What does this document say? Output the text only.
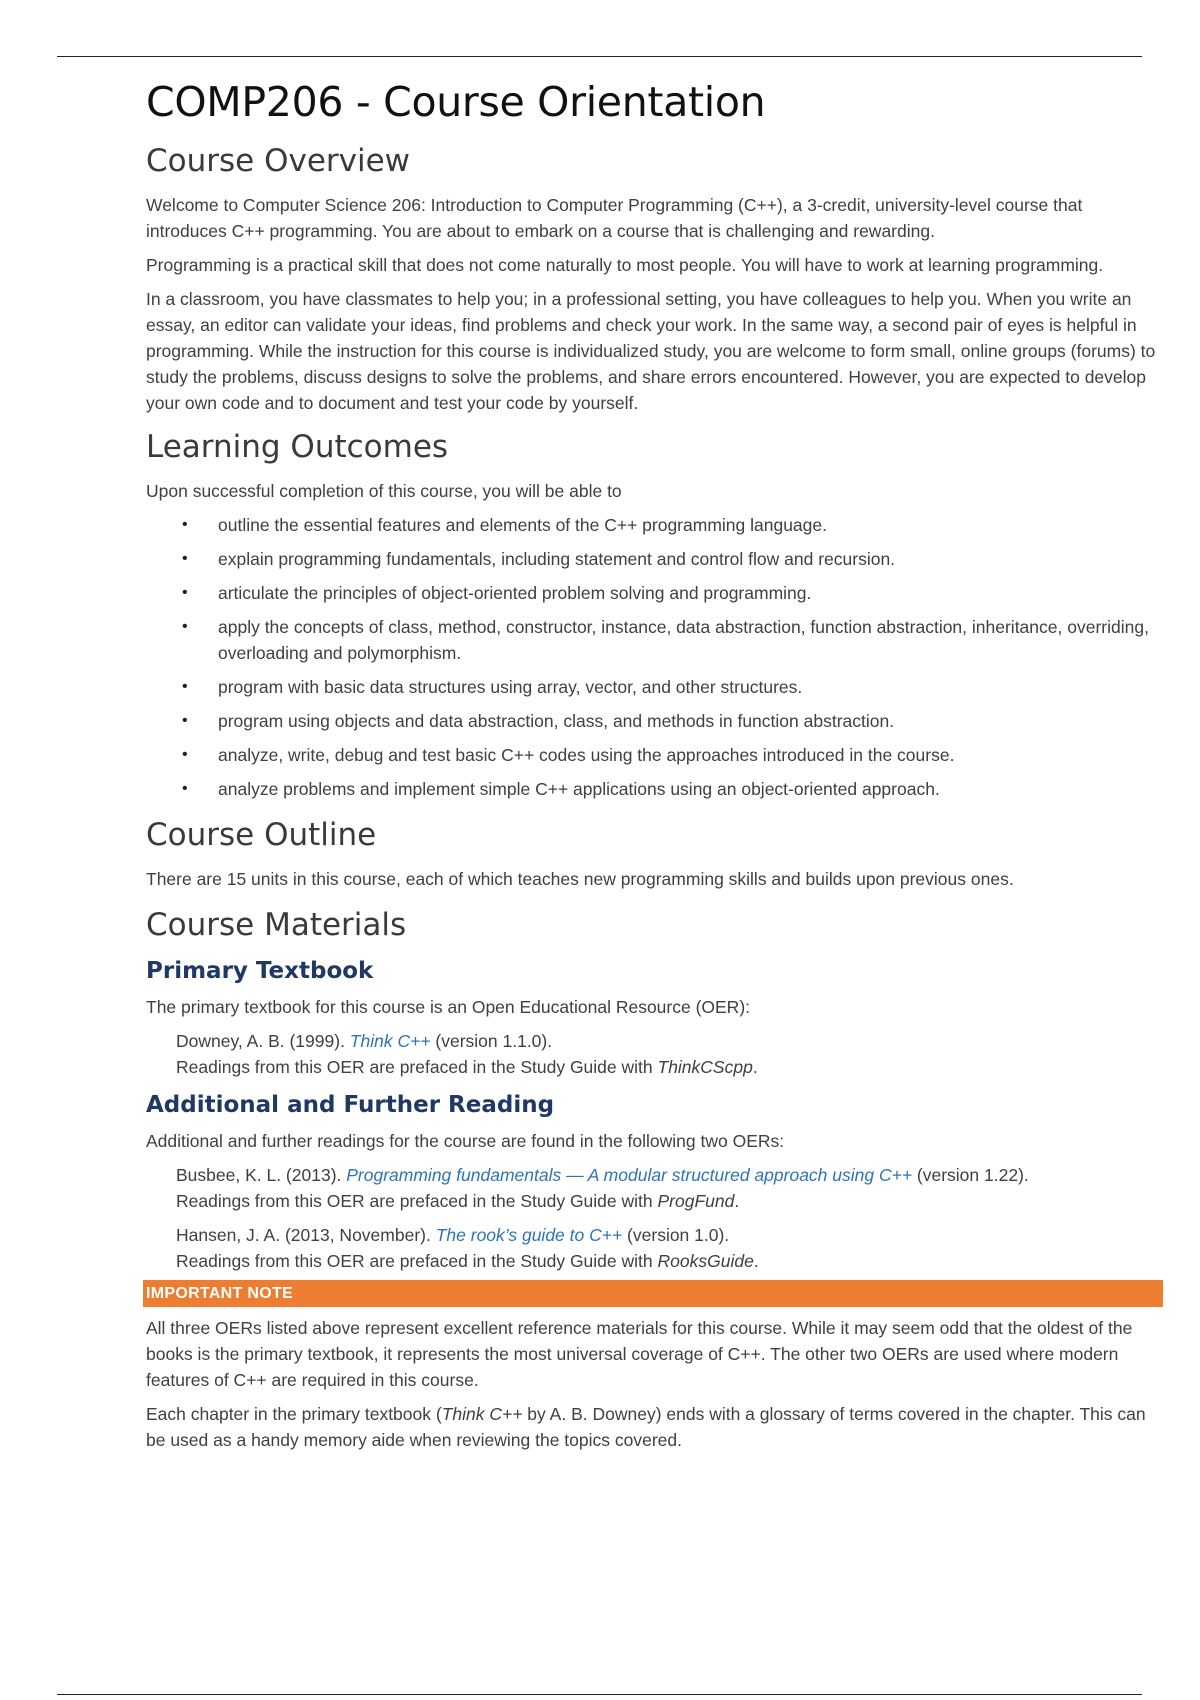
COMP206 - Course Orientation
Course Overview

Welcome to Computer Science 206: Introduction to Computer Programming (C++), a 3-credit, university-level course that introduces C++ programming. You are about to embark on a course that is challenging and rewarding.

Programming is a practical skill that does not come naturally to most people. You will have to work at learning programming.

In a classroom, you have classmates to help you; in a professional setting, you have colleagues to help you. When you write an essay, an editor can validate your ideas, find problems and check your work. In the same way, a second pair of eyes is helpful in programming. While the instruction for this course is individualized study, you are welcome to form small, online groups (forums) to study the problems, discuss designs to solve the problems, and share errors encountered. However, you are expected to develop your own code and to document and test your code by yourself.

Learning Outcomes

Upon successful completion of this course, you will be able to

• outline the essential features and elements of the C++ programming language.
• explain programming fundamentals, including statement and control flow and recursion.
• articulate the principles of object-oriented problem solving and programming.
• apply the concepts of class, method, constructor, instance, data abstraction, function abstraction, inheritance, overriding, overloading and polymorphism.
• program with basic data structures using array, vector, and other structures.
• program using objects and data abstraction, class, and methods in function abstraction.
• analyze, write, debug and test basic C++ codes using the approaches introduced in the course.
• analyze problems and implement simple C++ applications using an object-oriented approach.
Course Outline

There are 15 units in this course, each of which teaches new programming skills and builds upon previous ones.

Course Materials
Primary Textbook

The primary textbook for this course is an Open Educational Resource (OER):

Downey, A. B. (1999). Think C++ (version 1.1.0).
Readings from this OER are prefaced in the Study Guide with ThinkCScpp.

Additional and Further Reading

Additional and further readings for the course are found in the following two OERs:

Busbee, K. L. (2013). Programming fundamentals — A modular structured approach using C++ (version 1.22).
Readings from this OER are prefaced in the Study Guide with ProgFund.

Hansen, J. A. (2013, November). The rook’s guide to C++ (version 1.0).
Readings from this OER are prefaced in the Study Guide with RooksGuide.

IMPORTANT NOTE

All three OERs listed above represent excellent reference materials for this course. While it may seem odd that the oldest of the books is the primary textbook, it represents the most universal coverage of C++. The other two OERs are used where modern features of C++ are required in this course.

Each chapter in the primary textbook (Think C++ by A. B. Downey) ends with a glossary of terms covered in the chapter. This can be used as a handy memory aide when reviewing the topics covered.
